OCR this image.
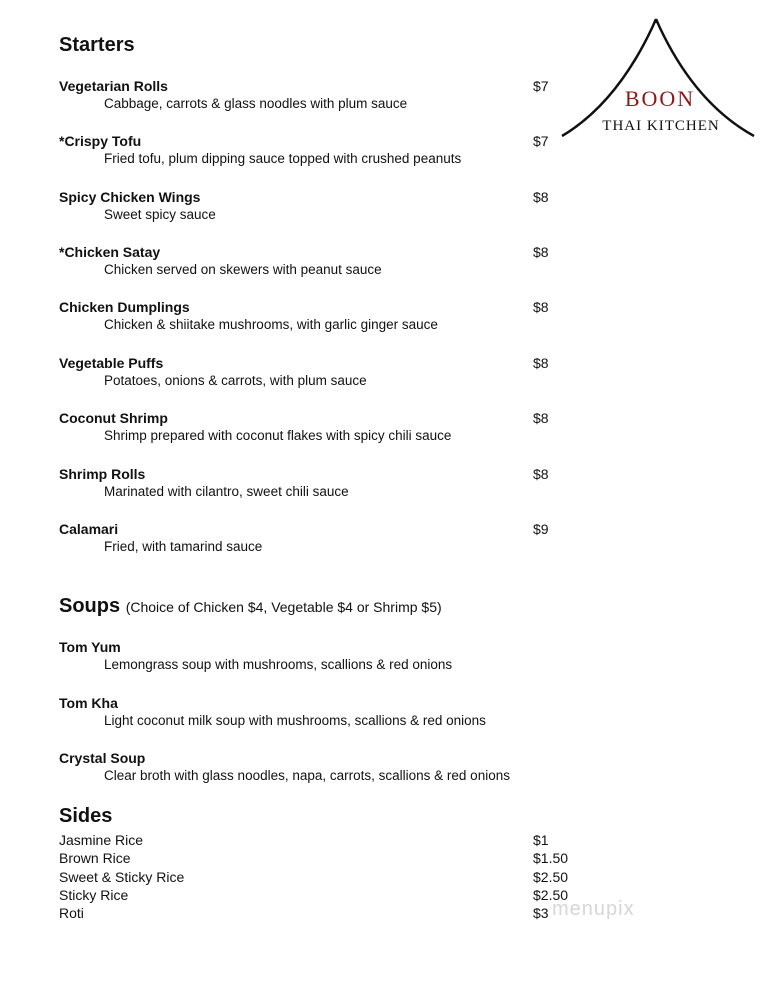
BOON
THAI KITCHEN
Starters
Vegetarian Rolls
Cabbage, carrots & glass noodles with plum sauce
$7
*Crispy Tofu
Fried tofu, plum dipping sauce topped with crushed peanuts
$7
Spicy Chicken Wings
Sweet spicy sauce
$8
*Chicken Satay
Chicken served on skewers with peanut sauce
$8
Chicken Dumplings
Chicken & shiitake mushrooms, with garlic ginger sauce
$8
Vegetable Puffs
Potatoes, onions & carrots, with plum sauce
$8
Coconut Shrimp
Shrimp prepared with coconut flakes with spicy chili sauce
$8
Shrimp Rolls
Marinated with cilantro, sweet chili sauce
$8
Calamari
Fried, with tamarind sauce
$9
Soups (Choice of Chicken $4, Vegetable $4 or Shrimp $5)
Tom Yum
Lemongrass soup with mushrooms, scallions & red onions
Tom Kha
Light coconut milk soup with mushrooms, scallions & red onions
Crystal Soup
Clear broth with glass noodles, napa, carrots, scallions & red onions
Sides
Jasmine Rice	$1
Brown Rice	$1.50
Sweet & Sticky Rice	$2.50
Sticky Rice	$2.50
Roti	$3 menupix
